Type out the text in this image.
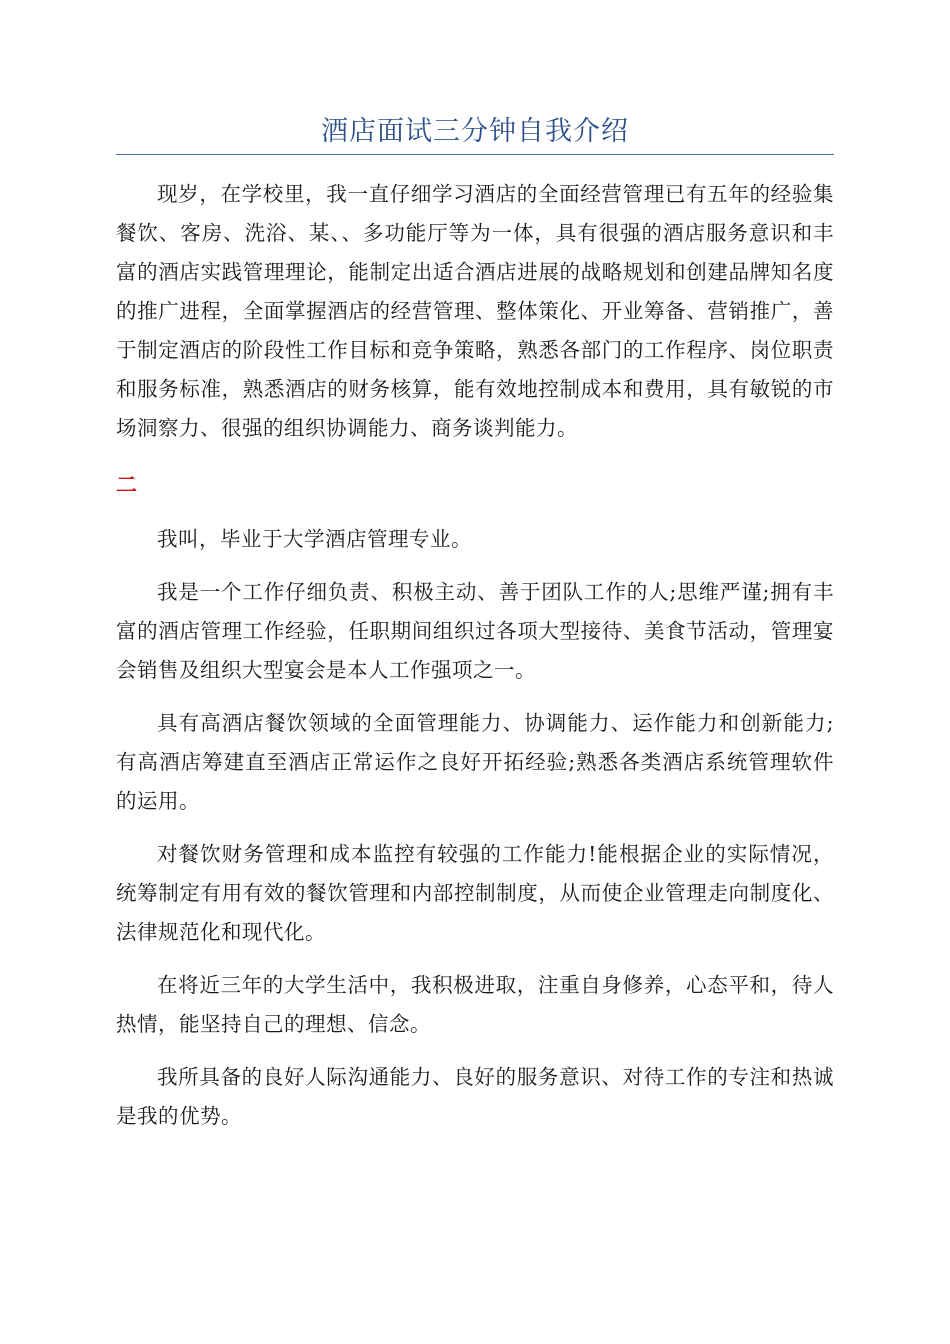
酒店面试三分钟自我介绍

现岁，在学校里，我一直仔细学习酒店的全面经营管理已有五年的经验集餐饮、客房、洗浴、某、、多功能厅等为一体，具有很强的酒店服务意识和丰富的酒店实践管理理论，能制定出适合酒店进展的战略规划和创建品牌知名度的推广进程，全面掌握酒店的经营管理、整体策化、开业筹备、营销推广，善于制定酒店的阶段性工作目标和竞争策略，熟悉各部门的工作程序、岗位职责和服务标准，熟悉酒店的财务核算，能有效地控制成本和费用，具有敏锐的市场洞察力、很强的组织协调能力、商务谈判能力。

二

我叫，毕业于大学酒店管理专业。

我是一个工作仔细负责、积极主动、善于团队工作的人;思维严谨;拥有丰富的酒店管理工作经验，任职期间组织过各项大型接待、美食节活动，管理宴会销售及组织大型宴会是本人工作强项之一。

具有高酒店餐饮领域的全面管理能力、协调能力、运作能力和创新能力;有高酒店筹建直至酒店正常运作之良好开拓经验;熟悉各类酒店系统管理软件的运用。

对餐饮财务管理和成本监控有较强的工作能力!能根据企业的实际情况，统筹制定有用有效的餐饮管理和内部控制制度，从而使企业管理走向制度化、法律规范化和现代化。

在将近三年的大学生活中，我积极进取，注重自身修养，心态平和，待人热情，能坚持自己的理想、信念。

我所具备的良好人际沟通能力、良好的服务意识、对待工作的专注和热诚是我的优势。
